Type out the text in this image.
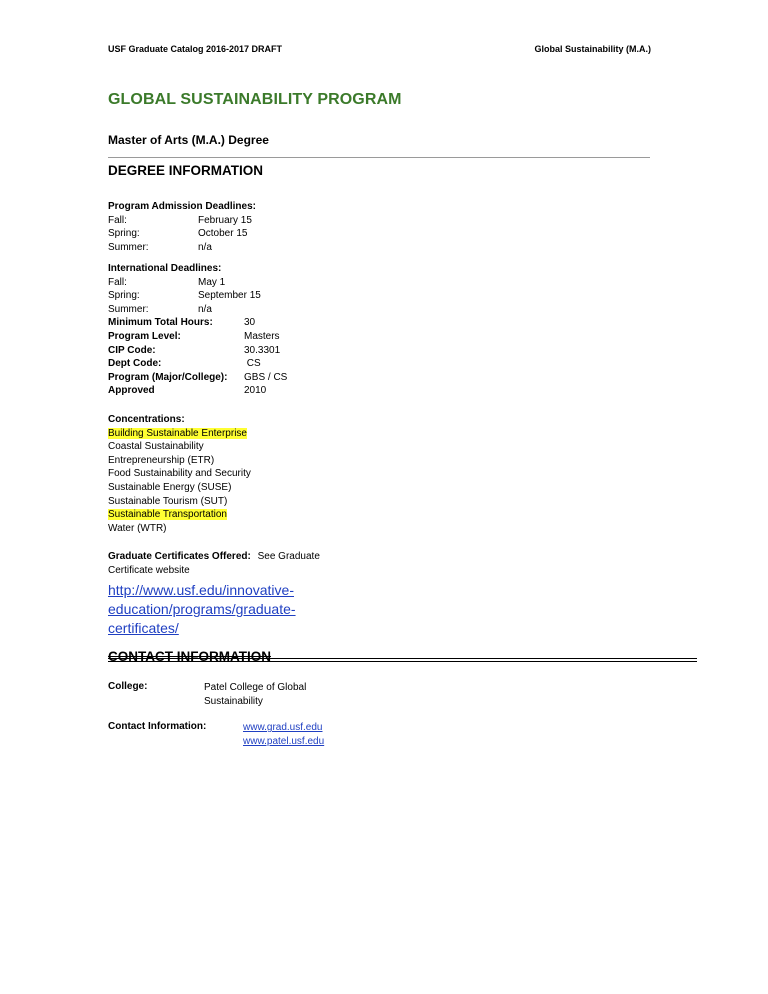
USF Graduate Catalog 2016-2017 DRAFT	Global Sustainability (M.A.)
GLOBAL SUSTAINABILITY PROGRAM
Master of Arts (M.A.) Degree
DEGREE INFORMATION
Program Admission Deadlines:
Fall:	February 15
Spring:	October 15
Summer:	n/a
International Deadlines:
Fall:	May 1
Spring:	September 15
Summer:	n/a
Minimum Total Hours:	30
Program Level:	Masters
CIP Code:	30.3301
Dept Code:	CS
Program (Major/College): GBS / CS
Approved	2010
Concentrations:
Building Sustainable Enterprise
Coastal Sustainability
Entrepreneurship (ETR)
Food Sustainability and Security
Sustainable Energy (SUSE)
Sustainable Tourism (SUT)
Sustainable Transportation
Water (WTR)
Graduate Certificates Offered: See Graduate
Certificate website
http://www.usf.edu/innovative-
education/programs/graduate-
certificates/
CONTACT INFORMATION
College:	Patel College of Global
Sustainability
Contact Information:	www.grad.usf.edu
www.patel.usf.edu
